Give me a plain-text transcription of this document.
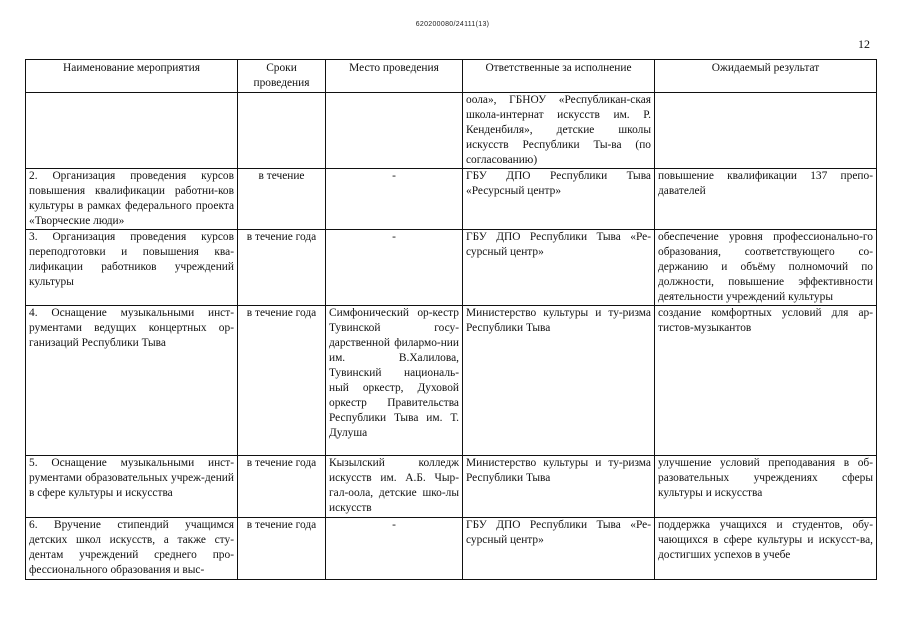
620200080/24111(13)
12
Наименование мероприятия	Сроки проведения	Место проведения	Ответственные за исполнение	Ожидаемый результат
			оола», ГБНОУ «Республикан-ская школа-интернат искусств им. Р. Кенденбиля», детские школы искусств Республики Ты-ва (по согласованию)	
2. Организация проведения курсов повышения квалификации работни-ков культуры в рамках федерального проекта «Творческие люди»	в течение	-	ГБУ ДПО Республики Тыва «Ресурсный центр»	повышение квалификации 137 препо-давателей
3. Организация проведения курсов переподготовки и повышения ква-лификации работников учреждений культуры	в течение года	-	ГБУ ДПО Республики Тыва «Ре-сурсный центр»	обеспечение уровня профессионально-го образования, соответствующего со-держанию и объёму полномочий по должности, повышение эффективности деятельности учреждений культуры
4. Оснащение музыкальными инст-рументами ведущих концертных ор-ганизаций Республики Тыва	в течение года	Симфонический ор-кестр Тувинской госу-дарственной филармо-нии им. В.Халилова, Тувинский националь-ный оркестр, Духовой оркестр Правительства Республики Тыва им. Т. Дулуша	Министерство культуры и ту-ризма Республики Тыва	создание комфортных условий для ар-тистов-музыкантов
5. Оснащение музыкальными инст-рументами образовательных учреж-дений в сфере культуры и искусства	в течение года	Кызылский колледж искусств им. А.Б. Чыр-гал-оола, детские шко-лы искусств	Министерство культуры и ту-ризма Республики Тыва	улучшение условий преподавания в об-разовательных учреждениях сферы культуры и искусства
6. Вручение стипендий учащимся детских школ искусств, а также сту-дентам учреждений среднего про-фессионального образования и выс-	в течение года	-	ГБУ ДПО Республики Тыва «Ре-сурсный центр»	поддержка учащихся и студентов, обу-чающихся в сфере культуры и искусст-ва, достигших успехов в учебе
